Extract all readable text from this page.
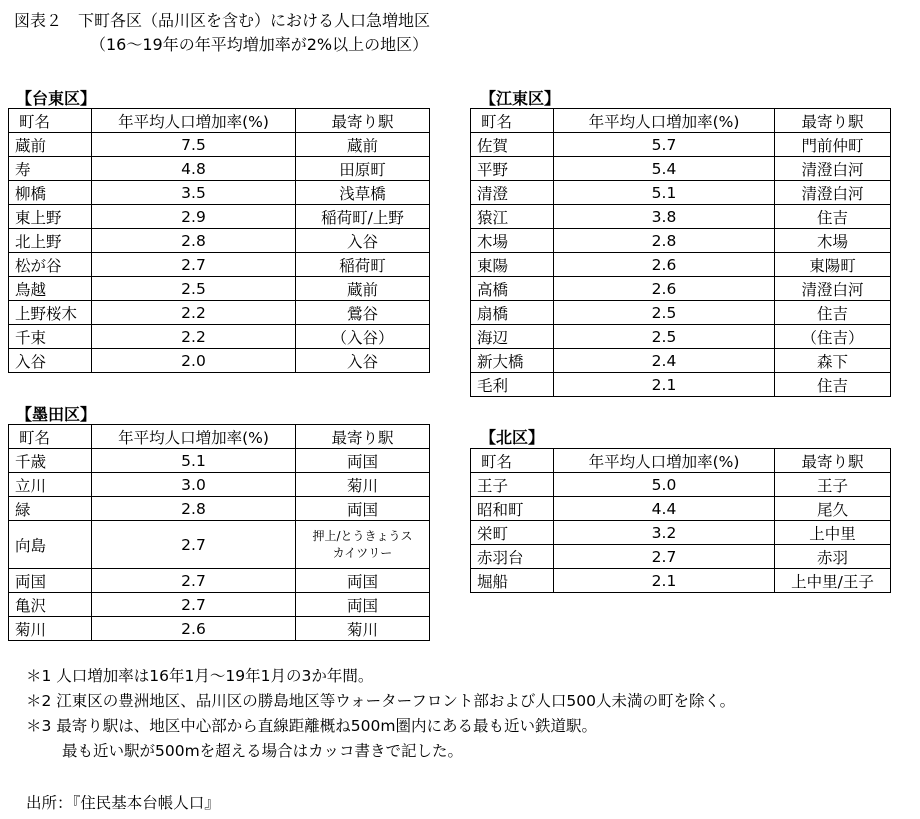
図表２　下町各区（品川区を含む）における人口急増地区
（16～19年の年平均増加率が2%以上の地区）
【台東区】
町名	年平均人口増加率(%)	最寄り駅
蔵前	7.5	蔵前
寿	4.8	田原町
柳橋	3.5	浅草橋
東上野	2.9	稲荷町/上野
北上野	2.8	入谷
松が谷	2.7	稲荷町
鳥越	2.5	蔵前
上野桜木	2.2	鶯谷
千束	2.2	（入谷）
入谷	2.0	入谷
【墨田区】
町名	年平均人口増加率(%)	最寄り駅
千歳	5.1	両国
立川	3.0	菊川
緑	2.8	両国
向島	2.7	押上/とうきょうス
カイツリー

両国	2.7	両国
亀沢	2.7	両国
菊川	2.6	菊川
【江東区】
町名	年平均人口増加率(%)	最寄り駅
佐賀	5.7	門前仲町
平野	5.4	清澄白河
清澄	5.1	清澄白河
猿江	3.8	住吉
木場	2.8	木場
東陽	2.6	東陽町
高橋	2.6	清澄白河
扇橋	2.5	住吉
海辺	2.5	（住吉）
新大橋	2.4	森下
毛利	2.1	住吉
【北区】
町名	年平均人口増加率(%)	最寄り駅
王子	5.0	王子
昭和町	4.4	尾久
栄町	3.2	上中里
赤羽台	2.7	赤羽
堀船	2.1	上中里/王子
＊1 人口増加率は16年1月～19年1月の3か年間。
＊2 江東区の豊洲地区、品川区の勝島地区等ウォーターフロント部および人口500人未満の町を除く。
＊3 最寄り駅は、地区中心部から直線距離概ね500m圏内にある最も近い鉄道駅。
最も近い駅が500mを超える場合はカッコ書きで記した。
出所：『住民基本台帳人口』
